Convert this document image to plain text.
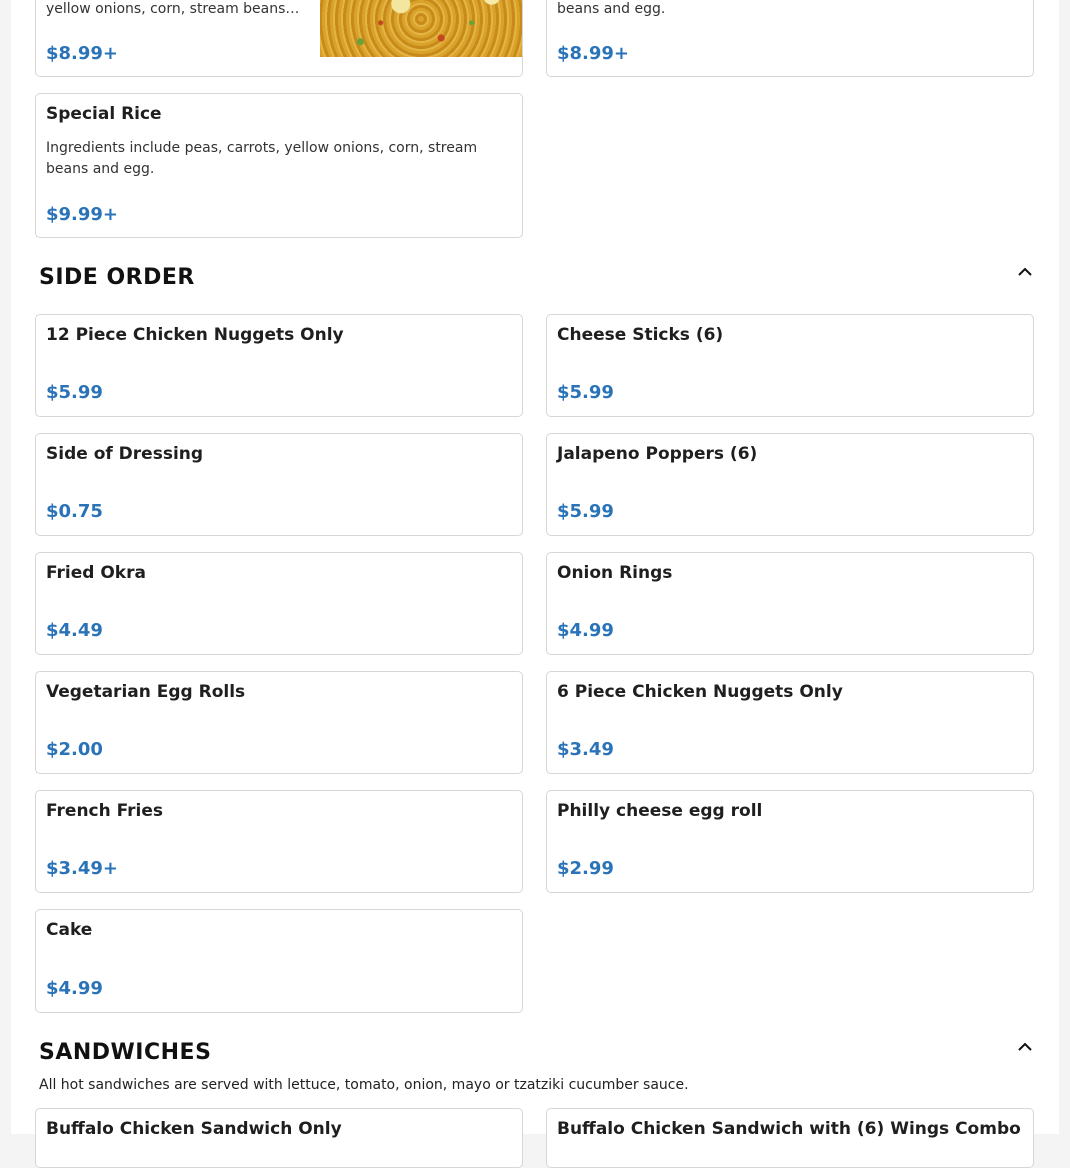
yellow onions, corn, stream beans…
$8.99+
beans and egg.
$8.99+
Special Rice
Ingredients include peas, carrots, yellow onions, corn, stream
beans and egg.
$9.99+
SIDE ORDER
12 Piece Chicken Nuggets Only
$5.99
Cheese Sticks (6)
$5.99
Side of Dressing
$0.75
Jalapeno Poppers (6)
$5.99
Fried Okra
$4.49
Onion Rings
$4.99
Vegetarian Egg Rolls
$2.00
6 Piece Chicken Nuggets Only
$3.49
French Fries
$3.49+
Philly cheese egg roll
$2.99
Cake
$4.99
SANDWICHES
All hot sandwiches are served with lettuce, tomato, onion, mayo or tzatziki cucumber sauce.
Buffalo Chicken Sandwich Only	Buffalo Chicken Sandwich with (6) Wings Combo
